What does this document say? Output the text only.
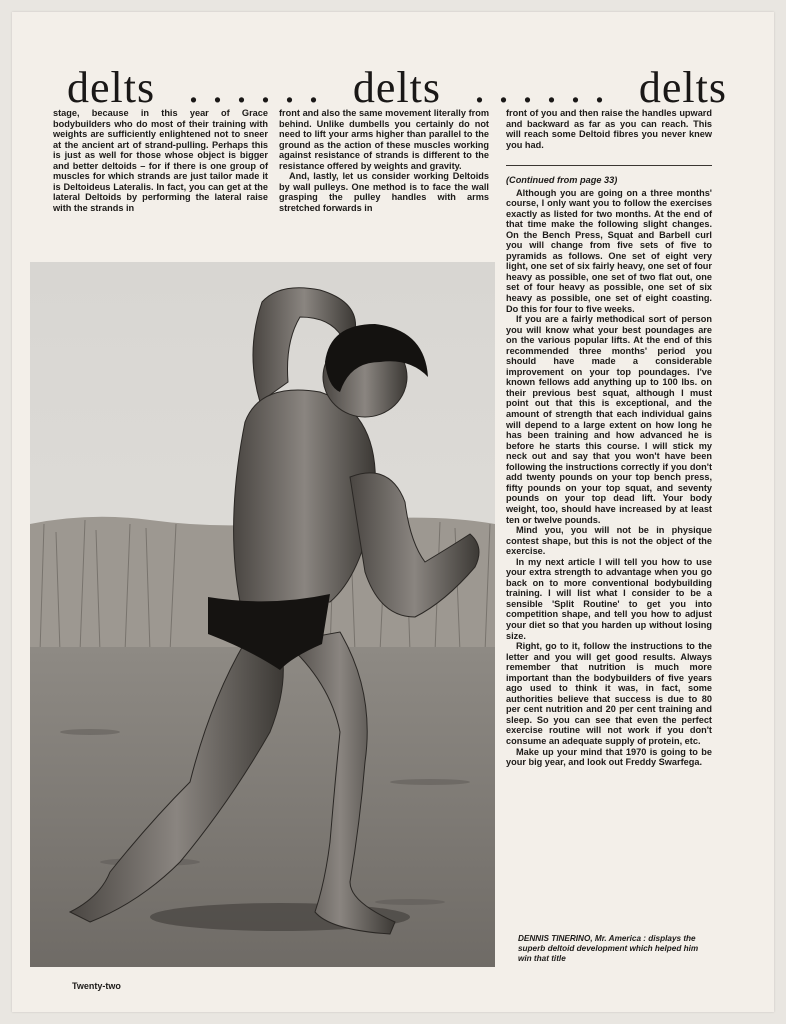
delts . . . . . . delts . . . . . . delts

stage, because in this year of Grace bodybuilders who do most of their training with weights are sufficiently enlightened not to sneer at the ancient art of strand-pulling. Perhaps this is just as well for those whose object is bigger and better deltoids – for if there is one group of muscles for which strands are just tailor made it is Deltoideus Lateralis. In fact, you can get at the lateral Deltoids by performing the lateral raise with the strands in

front and also the same movement literally from behind. Unlike dumbells you certainly do not need to lift your arms higher than parallel to the ground as the action of these muscles working against resistance of strands is different to the resistance offered by weights and gravity.

And, lastly, let us consider working Deltoids by wall pulleys. One method is to face the wall grasping the pulley handles with arms stretched forwards in

front of you and then raise the handles upward and backward as far as you can reach. This will reach some Deltoid fibres you never knew you had.

(Continued from page 33)

Although you are going on a three months' course, I only want you to follow the exercises exactly as listed for two months. At the end of that time make the following slight changes. On the Bench Press, Squat and Barbell curl you will change from five sets of five to pyramids as follows. One set of eight very light, one set of six fairly heavy, one set of four heavy as possible, one set of two flat out, one set of four heavy as possible, one set of six heavy as possible, one set of eight coasting. Do this for four to five weeks.

If you are a fairly methodical sort of person you will know what your best poundages are on the various popular lifts. At the end of this recommended three months' period you should have made a considerable improvement on your top poundages. I've known fellows add anything up to 100 lbs. on their previous best squat, although I must point out that this is exceptional, and the amount of strength that each individual gains will depend to a large extent on how long he has been training and how advanced he is before he starts this course. I will stick my neck out and say that you won't have been following the instructions correctly if you don't add twenty pounds on your top bench press, fifty pounds on your top squat, and seventy pounds on your top dead lift. Your body weight, too, should have increased by at least ten or twelve pounds.

Mind you, you will not be in physique contest shape, but this is not the object of the exercise.

In my next article I will tell you how to use your extra strength to advantage when you go back on to more conventional bodybuilding training. I will list what I consider to be a sensible 'Split Routine' to get you into competition shape, and tell you how to adjust your diet so that you harden up without losing size.

Right, go to it, follow the instructions to the letter and you will get good results. Always remember that nutrition is much more important than the bodybuilders of five years ago used to think it was, in fact, some authorities believe that success is due to 80 per cent nutrition and 20 per cent training and sleep. So you can see that even the perfect exercise routine will not work if you don't consume an adequate supply of protein, etc.

Make up your mind that 1970 is going to be your big year, and look out Freddy Swarfega.

DENNIS TINERINO, Mr. America : displays the superb deltoid development which helped him win that title
Twenty-two
